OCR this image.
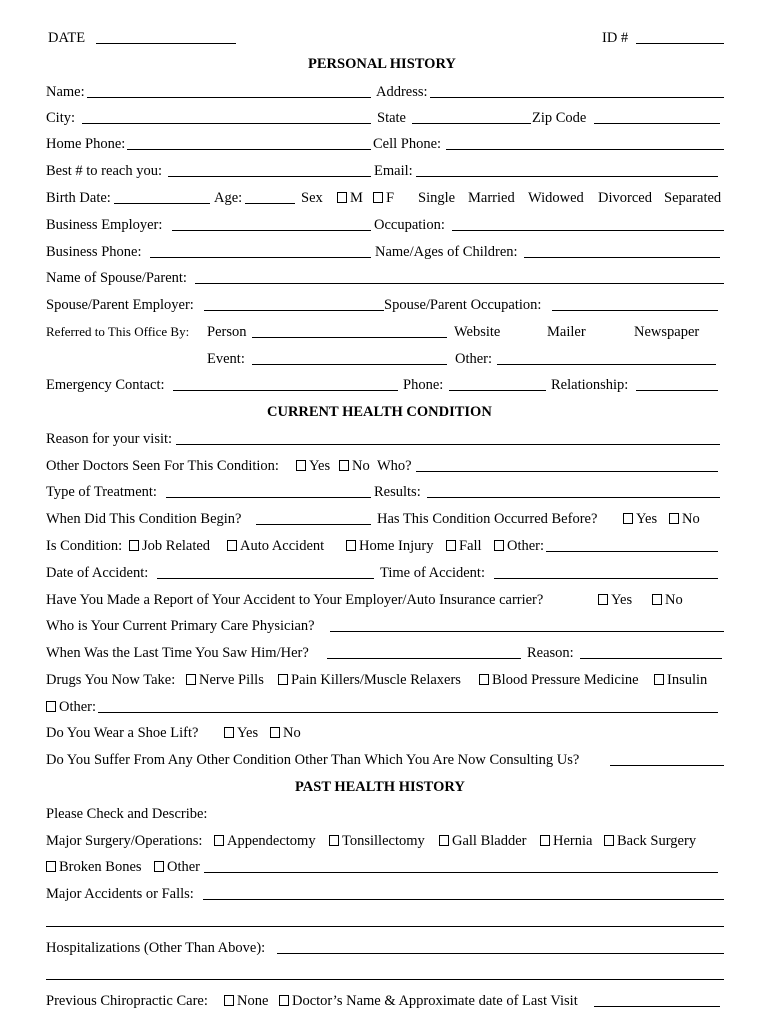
DATE	ID #
PERSONAL HISTORY
Name:	Address:
City:	State	Zip Code
Home Phone:	Cell Phone:
Best # to reach you:	Email:
Birth Date:	Age:	Sex	M	F Single Married Widowed Divorced Separated
Business Employer:	Occupation:
Business Phone:	Name/Ages of Children:
Name of Spouse/Parent:
Spouse/Parent Employer:	Spouse/Parent Occupation:
Referred to This Office By: Person	Website	Mailer	Newspaper
Event:	Other:
Emergency Contact:	Phone:	Relationship:
CURRENT HEALTH CONDITION
Reason for your visit:
Other Doctors Seen For This Condition:	Yes	No Who?
Type of Treatment:	Results:
When Did This Condition Begin?	Has This Condition Occurred Before?	Yes	No
Is Condition:	Job Related	Auto Accident	Home Injury	Fall	Other:
Date of Accident:	Time of Accident:
Have You Made a Report of Your Accident to Your Employer/Auto Insurance carrier?	Yes	No
Who is Your Current Primary Care Physician?
When Was the Last Time You Saw Him/Her?	Reason:
Drugs You Now Take:	Nerve Pills	Pain Killers/Muscle Relaxers	Blood Pressure Medicine	Insulin
Other:
Do You Wear a Shoe Lift?	Yes	No
Do You Suffer From Any Other Condition Other Than Which You Are Now Consulting Us?
PAST HEALTH HISTORY
Please Check and Describe:
Major Surgery/Operations:	Appendectomy	Tonsillectomy	Gall Bladder	Hernia	Back Surgery
Broken Bones	Other
Major Accidents or Falls:
Hospitalizations (Other Than Above):
Previous Chiropractic Care:	None	Doctor’s Name & Approximate date of Last Visit
